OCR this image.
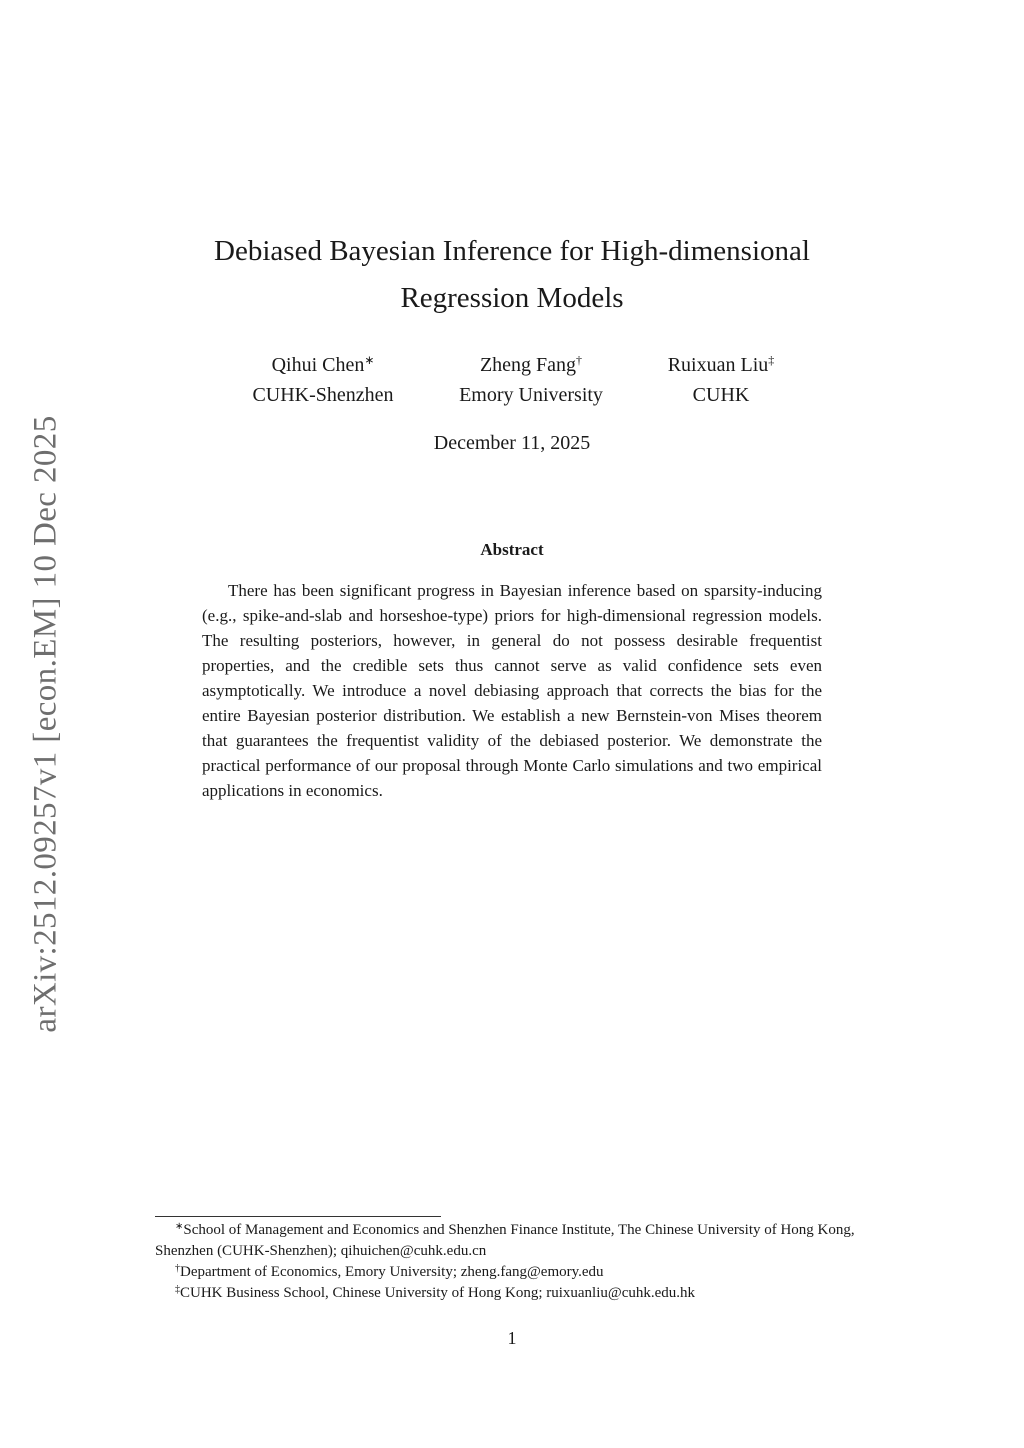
arXiv:2512.09257v1 [econ.EM] 10 Dec 2025
Debiased Bayesian Inference for High-dimensional
Regression Models
Qihui Chen∗
CUHK-Shenzhen
Zheng Fang†
Emory University
Ruixuan Liu‡
CUHK
December 11, 2025
Abstract

There has been significant progress in Bayesian inference based on sparsity-inducing (e.g., spike-and-slab and horseshoe-type) priors for high-dimensional regression models. The resulting posteriors, however, in general do not possess desirable frequentist properties, and the credible sets thus cannot serve as valid confidence sets even asymptotically. We introduce a novel debiasing approach that corrects the bias for the entire Bayesian posterior distribution. We establish a new Bernstein-von Mises theorem that guarantees the frequentist validity of the debiased posterior. We demonstrate the practical performance of our proposal through Monte Carlo simulations and two empirical applications in economics.

∗School of Management and Economics and Shenzhen Finance Institute, The Chinese University of Hong Kong, Shenzhen (CUHK-Shenzhen); qihuichen@cuhk.edu.cn

†Department of Economics, Emory University; zheng.fang@emory.edu

‡CUHK Business School, Chinese University of Hong Kong; ruixuanliu@cuhk.edu.hk

1
